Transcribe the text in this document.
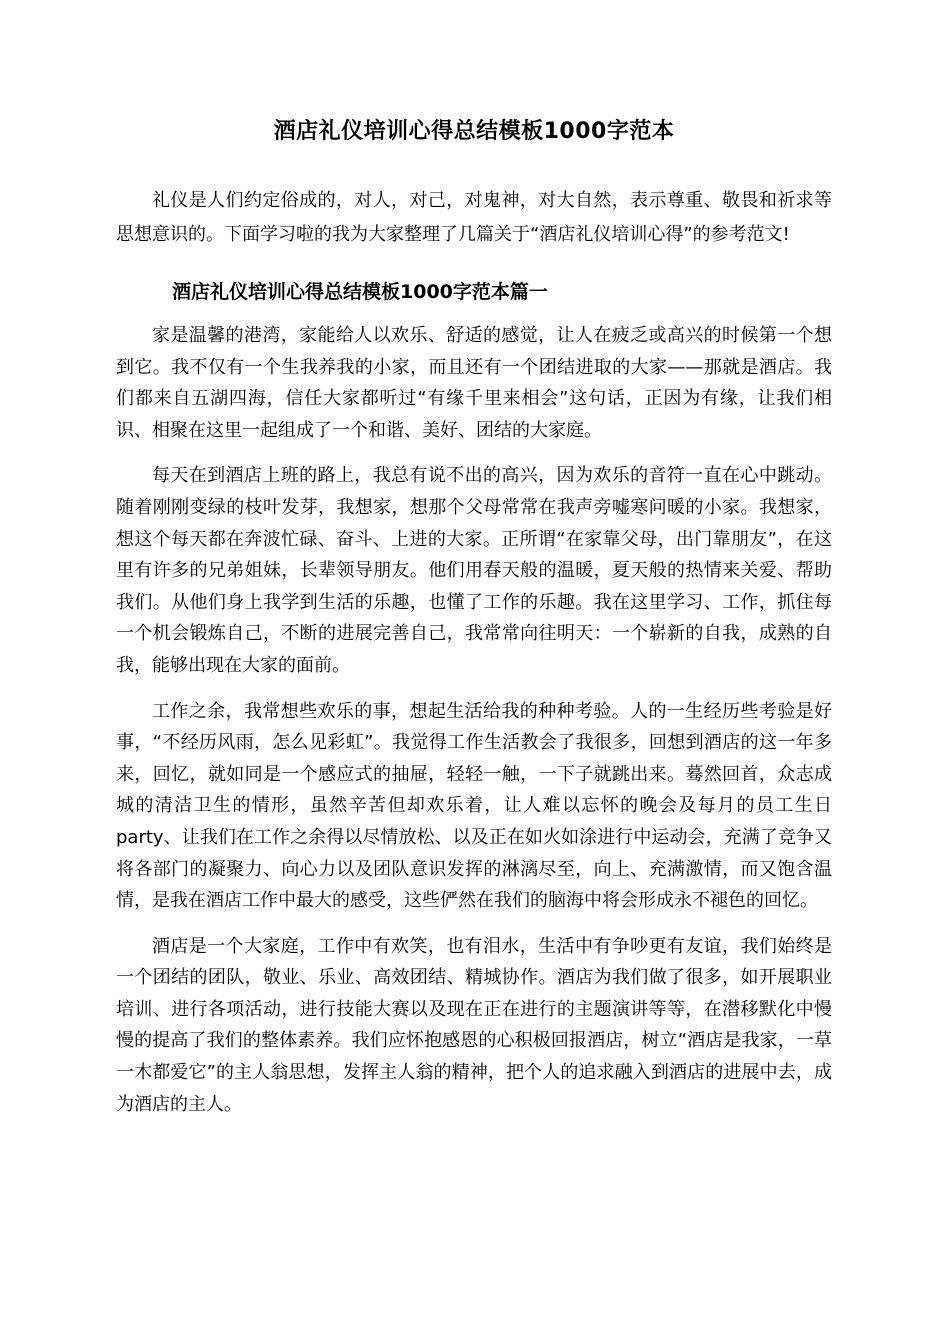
酒店礼仪培训心得总结模板1000字范本

礼仪是人们约定俗成的，对人，对己，对鬼神，对大自然，表示尊重、敬畏和祈求等思想意识的。下面学习啦的我为大家整理了几篇关于“酒店礼仪培训心得”的参考范文!

酒店礼仪培训心得总结模板1000字范本篇一

家是温馨的港湾，家能给人以欢乐、舒适的感觉，让人在疲乏或高兴的时候第一个想到它。我不仅有一个生我养我的小家，而且还有一个团结进取的大家——那就是酒店。我们都来自五湖四海，信任大家都听过“有缘千里来相会”这句话，正因为有缘，让我们相识、相聚在这里一起组成了一个和谐、美好、团结的大家庭。

每天在到酒店上班的路上，我总有说不出的高兴，因为欢乐的音符一直在心中跳动。随着刚刚变绿的枝叶发芽，我想家，想那个父母常常在我声旁嘘寒问暖的小家。我想家，想这个每天都在奔波忙碌、奋斗、上进的大家。正所谓“在家靠父母，出门靠朋友”，在这里有许多的兄弟姐妹，长辈领导朋友。他们用春天般的温暖，夏天般的热情来关爱、帮助我们。从他们身上我学到生活的乐趣，也懂了工作的乐趣。我在这里学习、工作，抓住每一个机会锻炼自己，不断的进展完善自己，我常常向往明天：一个崭新的自我，成熟的自我，能够出现在大家的面前。

工作之余，我常想些欢乐的事，想起生活给我的种种考验。人的一生经历些考验是好事，“不经历风雨，怎么见彩虹”。我觉得工作生活教会了我很多，回想到酒店的这一年多来，回忆，就如同是一个感应式的抽屉，轻轻一触，一下子就跳出来。蓦然回首，众志成城的清洁卫生的情形，虽然辛苦但却欢乐着，让人难以忘怀的晚会及每月的员工生日party、让我们在工作之余得以尽情放松、以及正在如火如涂进行中运动会，充满了竞争又将各部门的凝聚力、向心力以及团队意识发挥的淋漓尽至，向上、充满激情，而又饱含温情，是我在酒店工作中最大的感受，这些俨然在我们的脑海中将会形成永不褪色的回忆。

酒店是一个大家庭，工作中有欢笑，也有泪水，生活中有争吵更有友谊，我们始终是一个团结的团队，敬业、乐业、高效团结、精城协作。酒店为我们做了很多，如开展职业培训、进行各项活动，进行技能大赛以及现在正在进行的主题演讲等等，在潜移默化中慢慢的提高了我们的整体素养。我们应怀抱感恩的心积极回报酒店，树立“酒店是我家，一草一木都爱它”的主人翁思想，发挥主人翁的精神，把个人的追求融入到酒店的进展中去，成为酒店的主人。
